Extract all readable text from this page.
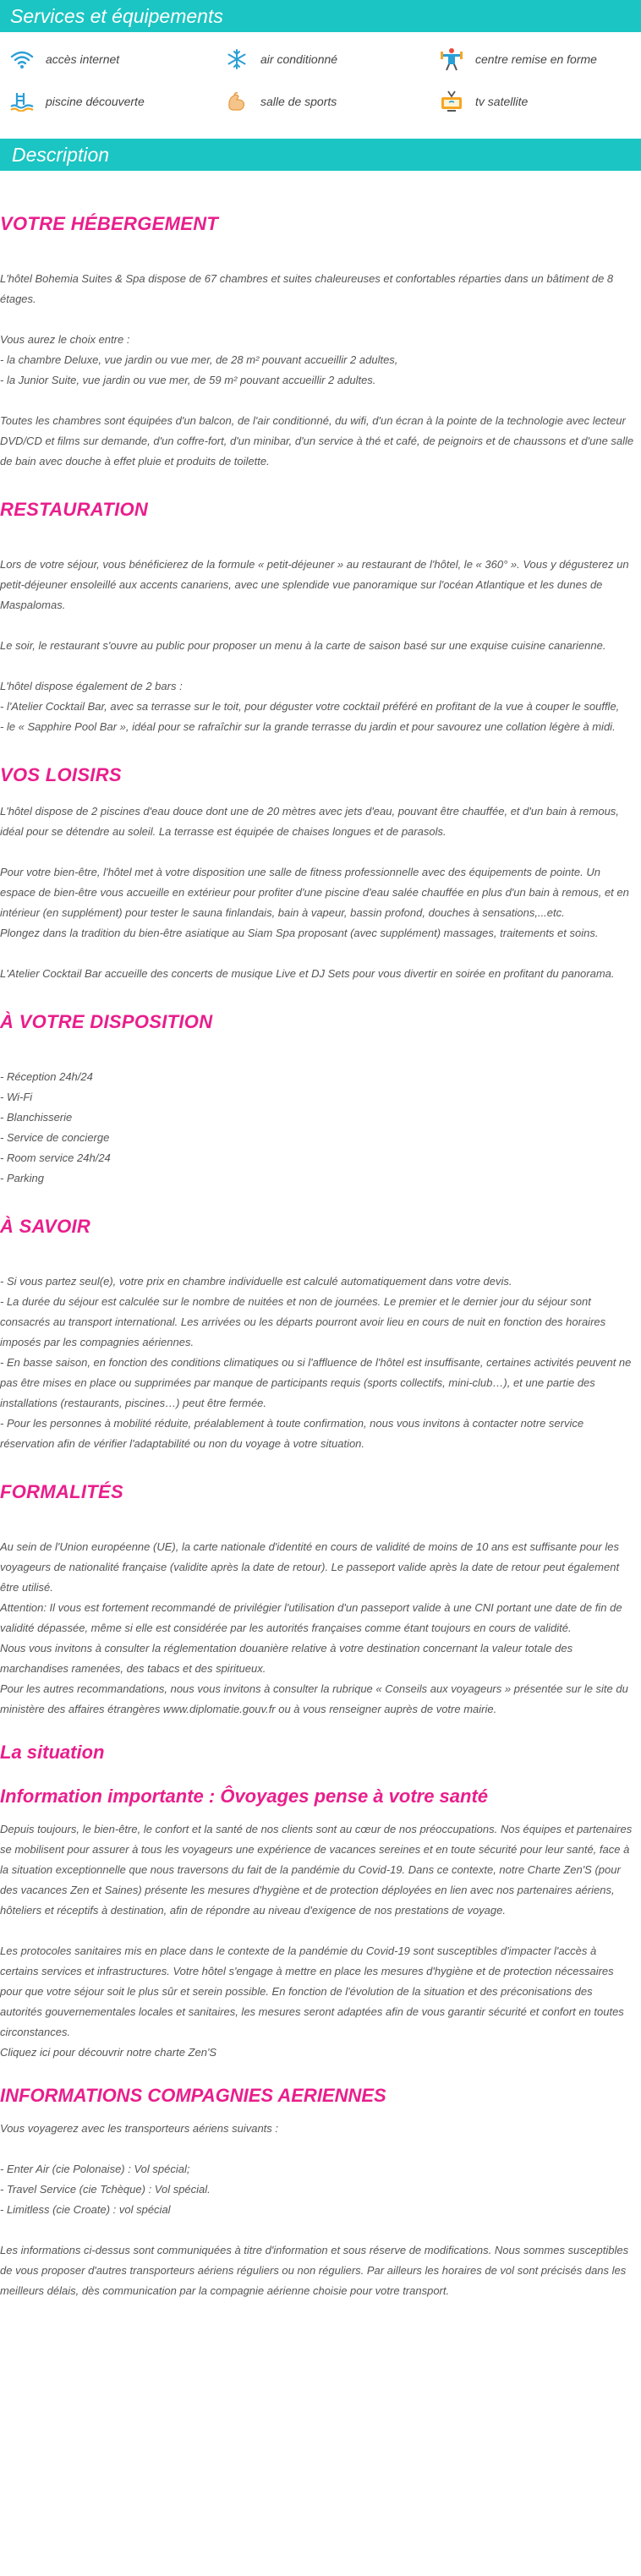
Services et équipements
accès internet	air conditionné	centre remise en forme
piscine découverte	salle de sports	tv satellite
Description
VOTRE HÉBERGEMENT

L'hôtel Bohemia Suites & Spa dispose de 67 chambres et suites chaleureuses et confortables réparties dans un bâtiment de 8 étages.

Vous aurez le choix entre :
- la chambre Deluxe, vue jardin ou vue mer, de 28 m² pouvant accueillir 2 adultes,
- la Junior Suite, vue jardin ou vue mer, de 59 m² pouvant accueillir 2 adultes.

Toutes les chambres sont équipées d'un balcon, de l'air conditionné, du wifi, d'un écran à la pointe de la technologie avec lecteur DVD/CD et films sur demande, d'un coffre-fort, d'un minibar, d'un service à thé et café, de peignoirs et de chaussons et d'une salle de bain avec douche à effet pluie et produits de toilette.

RESTAURATION

Lors de votre séjour, vous bénéficierez de la formule « petit-déjeuner » au restaurant de l'hôtel, le « 360° ». Vous y dégusterez un petit-déjeuner ensoleillé aux accents canariens, avec une splendide vue panoramique sur l'océan Atlantique et les dunes de Maspalomas.

Le soir, le restaurant s'ouvre au public pour proposer un menu à la carte de saison basé sur une exquise cuisine canarienne.

L'hôtel dispose également de 2 bars :
- l'Atelier Cocktail Bar, avec sa terrasse sur le toit, pour déguster votre cocktail préféré en profitant de la vue à couper le souffle,
- le « Sapphire Pool Bar », idéal pour se rafraîchir sur la grande terrasse du jardin et pour savourez une collation légère à midi.

VOS LOISIRS

L'hôtel dispose de 2 piscines d'eau douce dont une de 20 mètres avec jets d'eau, pouvant être chauffée, et d'un bain à remous, idéal pour se détendre au soleil. La terrasse est équipée de chaises longues et de parasols.

Pour votre bien-être, l'hôtel met à votre disposition une salle de fitness professionnelle avec des équipements de pointe. Un espace de bien-être vous accueille en extérieur pour profiter d'une piscine d'eau salée chauffée en plus d'un bain à remous, et en intérieur (en supplément) pour tester le sauna finlandais, bain à vapeur, bassin profond, douches à sensations,...etc.

Plongez dans la tradition du bien-être asiatique au Siam Spa proposant (avec supplément) massages, traitements et soins.

L'Atelier Cocktail Bar accueille des concerts de musique Live et DJ Sets pour vous divertir en soirée en profitant du panorama.

À VOTRE DISPOSITION

- Réception 24h/24
- Wi-Fi
- Blanchisserie
- Service de concierge
- Room service 24h/24
- Parking

À SAVOIR

- Si vous partez seul(e), votre prix en chambre individuelle est calculé automatiquement dans votre devis.
- La durée du séjour est calculée sur le nombre de nuitées et non de journées. Le premier et le dernier jour du séjour sont consacrés au transport international. Les arrivées ou les départs pourront avoir lieu en cours de nuit en fonction des horaires imposés par les compagnies aériennes.
- En basse saison, en fonction des conditions climatiques ou si l'affluence de l'hôtel est insuffisante, certaines activités peuvent ne pas être mises en place ou supprimées par manque de participants requis (sports collectifs, mini-club…), et une partie des installations (restaurants, piscines…) peut être fermée.
- Pour les personnes à mobilité réduite, préalablement à toute confirmation, nous vous invitons à contacter notre service réservation afin de vérifier l'adaptabilité ou non du voyage à votre situation.

FORMALITÉS

Au sein de l'Union européenne (UE), la carte nationale d'identité en cours de validité de moins de 10 ans est suffisante pour les voyageurs de nationalité française (validite après la date de retour). Le passeport valide après la date de retour peut également être utilisé.
Attention: Il vous est fortement recommandé de privilégier l'utilisation d'un passeport valide à une CNI portant une date de fin de validité dépassée, même si elle est considérée par les autorités françaises comme étant toujours en cours de validité.
Nous vous invitons à consulter la réglementation douanière relative à votre destination concernant la valeur totale des marchandises ramenées, des tabacs et des spiritueux.
Pour les autres recommandations, nous vous invitons à consulter la rubrique « Conseils aux voyageurs » présentée sur le site du ministère des affaires étrangères www.diplomatie.gouv.fr ou à vous renseigner auprès de votre mairie.

La situation
Information importante : Ôvoyages pense à votre santé

Depuis toujours, le bien-être, le confort et la santé de nos clients sont au cœur de nos préoccupations. Nos équipes et partenaires se mobilisent pour assurer à tous les voyageurs une expérience de vacances sereines et en toute sécurité pour leur santé, face à la situation exceptionnelle que nous traversons du fait de la pandémie du Covid-19. Dans ce contexte, notre Charte Zen'S (pour des vacances Zen et Saines) présente les mesures d'hygiène et de protection déployées en lien avec nos partenaires aériens, hôteliers et réceptifs à destination, afin de répondre au niveau d'exigence de nos prestations de voyage.

Les protocoles sanitaires mis en place dans le contexte de la pandémie du Covid-19 sont susceptibles d'impacter l'accès à certains services et infrastructures. Votre hôtel s'engage à mettre en place les mesures d'hygiène et de protection nécessaires pour que votre séjour soit le plus sûr et serein possible. En fonction de l'évolution de la situation et des préconisations des autorités gouvernementales locales et sanitaires, les mesures seront adaptées afin de vous garantir sécurité et confort en toutes circonstances.
Cliquez ici pour découvrir notre charte Zen'S

INFORMATIONS COMPAGNIES AERIENNES

Vous voyagerez avec les transporteurs aériens suivants :

- Enter Air (cie Polonaise) : Vol spécial;
- Travel Service (cie Tchèque) : Vol spécial.
- Limitless (cie Croate) : vol spécial

Les informations ci-dessus sont communiquées à titre d'information et sous réserve de modifications. Nous sommes susceptibles de vous proposer d'autres transporteurs aériens réguliers ou non réguliers. Par ailleurs les horaires de vol sont précisés dans les meilleurs délais, dès communication par la compagnie aérienne choisie pour votre transport.
